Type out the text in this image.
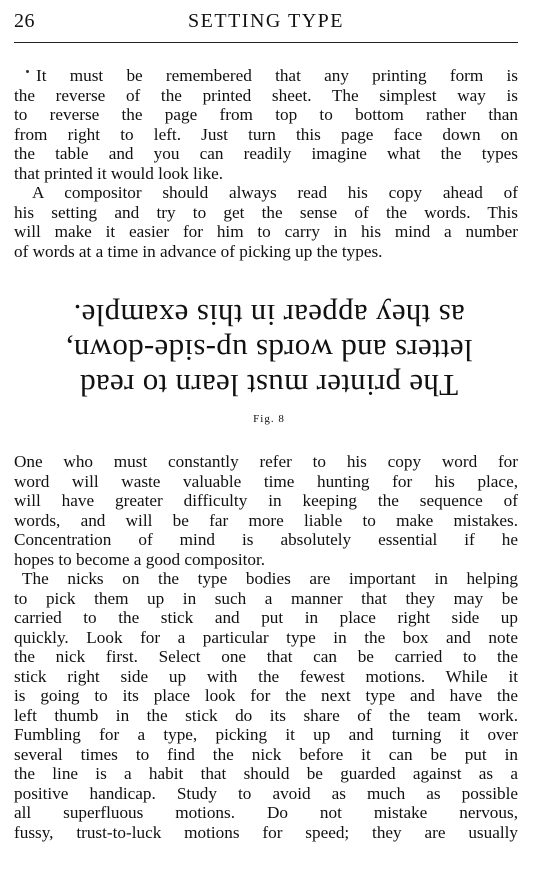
26	SETTING TYPE
It must be remembered that any printing form is
the reverse of the printed sheet. The simplest way is
to reverse the page from top to bottom rather than
from right to left. Just turn this page face down on
the table and you can readily imagine what the types
that printed it would look like.
A compositor should always read his copy ahead of
his setting and try to get the sense of the words. This
will make it easier for him to carry in his mind a number
of words at a time in advance of picking up the types.
The printer must learn to read
letters and words up-side-down,
as they appear in this example.
Fig. 8
One who must constantly refer to his copy word for
word will waste valuable time hunting for his place,
will have greater difficulty in keeping the sequence of
words, and will be far more liable to make mistakes.
Concentration of mind is absolutely essential if he
hopes to become a good compositor.
The nicks on the type bodies are important in helping
to pick them up in such a manner that they may be
carried to the stick and put in place right side up
quickly. Look for a particular type in the box and note
the nick first. Select one that can be carried to the
stick right side up with the fewest motions. While it
is going to its place look for the next type and have the
left thumb in the stick do its share of the team work.
Fumbling for a type, picking it up and turning it over
several times to find the nick before it can be put in
the line is a habit that should be guarded against as a
positive handicap. Study to avoid as much as possible
all superfluous motions. Do not mistake nervous,
fussy, trust-to-luck motions for speed; they are usually
